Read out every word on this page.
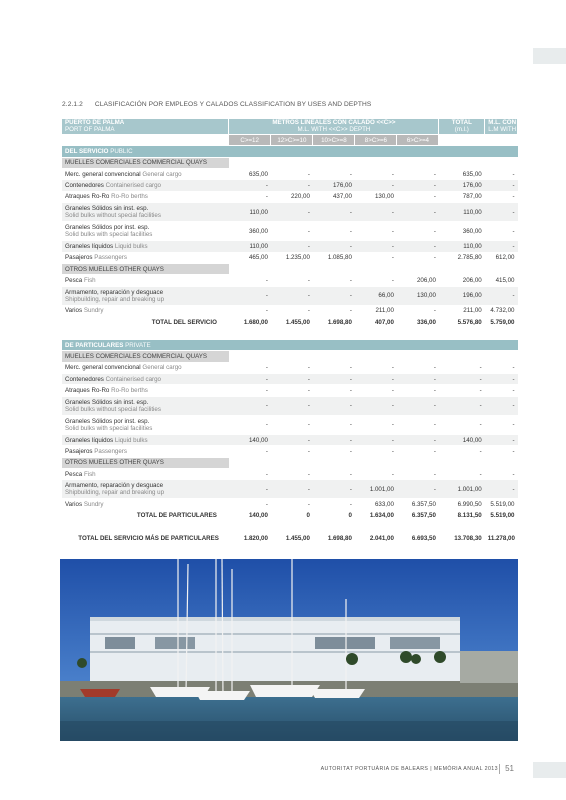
2.2.1.2 CLASIFICACIÓN POR EMPLEOS Y CALADOS CLASSIFICATION BY USES AND DEPTHS
PUERTO DE PALMA
PORT OF PALMA	METROS LINEALES CON CALADO <<C>>
M.L. WITH <<C>> DEPTH					TOTAL
(m.l.)	M.L. CON CALADO C<4 M.
L.M WITH DEPTH <4 M.

	C>=12	12>C>=10	10>C>=8	8>C>=6	6>C>=4		
DEL SERVICIO PUBLIC							
MUELLES COMERCIALES COMMERCIAL QUAYS							
Merc. general convencional General cargo	635,00	-	-	-	-	635,00	-
Contenedores Containerised cargo	-	-	176,00	-	-	176,00	-
Atraques Ro-Ro Ro-Ro berths	-	220,00	437,00	130,00	-	787,00	-
Graneles Sólidos sin inst. esp.
Solid bulks without special facilities	110,00	-	-	-	-	110,00	-
Graneles Sólidos por inst. esp.
Solid bulks with special facilities	360,00	-	-	-	-	360,00	-
Graneles líquidos Liquid bulks	110,00	-	-	-	-	110,00	-
Pasajeros Passengers	465,00	1.235,00	1.085,80	-	-	2.785,80	612,00
OTROS MUELLES OTHER QUAYS							
Pesca Fish	-	-	-	-	206,00	206,00	415,00
Armamento, reparación y desguace
Shipbuilding, repair and breaking up	-	-	-	66,00	130,00	196,00	-
Varios Sundry	-	-	-	211,00	-	211,00	4.732,00
TOTAL DEL SERVICIO	1.680,00	1.455,00	1.698,80	407,00	336,00	5.576,80	5.759,00

DE PARTICULARES PRIVATE							
MUELLES COMERCIALES COMMERCIAL QUAYS							
Merc. general convencional General cargo	-	-	-	-	-	-	-
Contenedores Containerised cargo	-	-	-	-	-	-	-
Atraques Ro-Ro Ro-Ro berths	-	-	-	-	-	-	-
Graneles Sólidos sin inst. esp.
Solid bulks without special facilities	-	-	-	-	-	-	-
Graneles Sólidos por inst. esp.
Solid bulks with special facilities	-	-	-	-	-	-	-
Graneles líquidos Liquid bulks	140,00	-	-	-	-	140,00	-
Pasajeros Passengers	-	-	-	-	-	-	-
OTROS MUELLES OTHER QUAYS							
Pesca Fish	-	-	-	-	-	-	-
Armamento, reparación y desguace
Shipbuilding, repair and breaking up	-	-	-	1.001,00	-	1.001,00	-
Varios Sundry	-	-	-	633,00	6.357,50	6.990,50	5.519,00
TOTAL DE PARTICULARES	140,00	0	0	1.634,00	6.357,50	8.131,50	5.519,00

TOTAL DEL SERVICIO MÁS DE PARTICULARES	1.820,00	1.455,00	1.698,80	2.041,00	6.693,50	13.708,30	11.278,00
AUTORITAT PORTUÀRIA DE BALEARS | MEMÒRIA ANUAL 2013 51
